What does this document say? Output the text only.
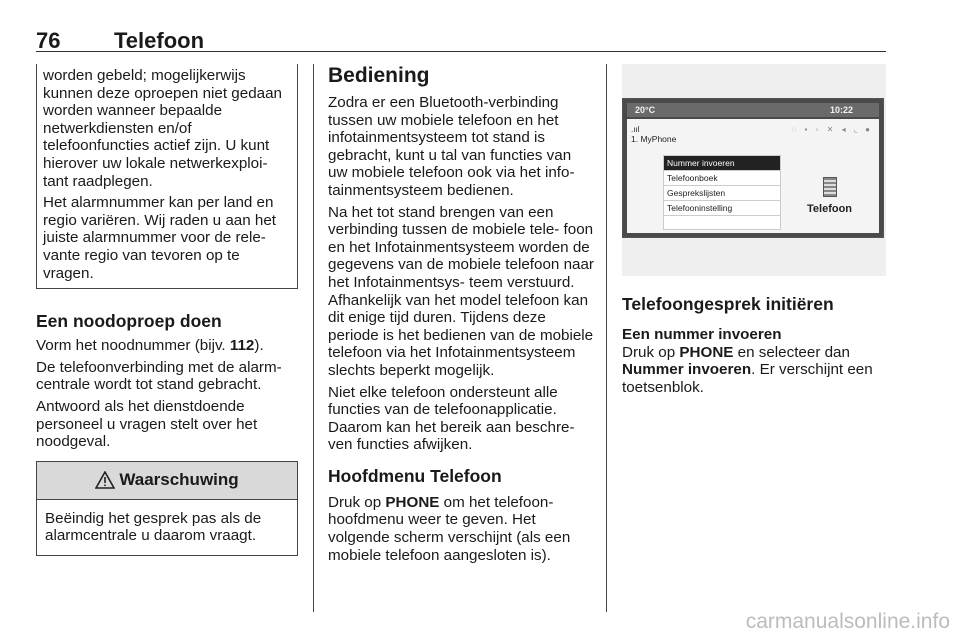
76 Telefoon

worden gebeld; mogelijkerwijs kunnen deze oproepen niet gedaan worden wanneer bepaalde netwerkdiensten en/of telefoonfuncties actief zijn. U kunt hierover uw lokale netwerkexploi- tant raadplegen.

Het alarmnummer kan per land en regio variëren. Wij raden u aan het juiste alarmnummer voor de rele- vante regio van tevoren op te vragen.

Een noodoproep doen

Vorm het noodnummer (bijv. 112).

De telefoonverbinding met de alarm- centrale wordt tot stand gebracht.

Antwoord als het dienstdoende personeel u vragen stelt over het noodgeval.

Waarschuwing
Beëindig het gesprek pas als de alarmcentrale u daarom vraagt.
Bediening

Zodra er een Bluetooth-verbinding tussen uw mobiele telefoon en het infotainmentsysteem tot stand is gebracht, kunt u tal van functies van uw mobiele telefoon ook via het info- tainmentsysteem bedienen.

Na het tot stand brengen van een verbinding tussen de mobiele tele- foon en het Infotainmentsysteem worden de gegevens van de mobiele telefoon naar het Infotainmentsys- teem verstuurd. Afhankelijk van het model telefoon kan dit enige tijd duren. Tijdens deze periode is het bedienen van de mobiele telefoon via het Infotainmentsysteem slechts beperkt mogelijk.

Niet elke telefoon ondersteunt alle functies van de telefoonapplicatie. Daarom kan het bereik aan beschre- ven functies afwijken.

Hoofdmenu Telefoon

Druk op PHONE om het telefoon- hoofdmenu weer te geven. Het volgende scherm verschijnt (als een mobiele telefoon aangesloten is).

20°C	10:22
.ııl	◌ ▪ ◦ ✕ ◂ ◟ ●
1. MyPhone
Nummer invoeren
Telefoonboek
Gesprekslijsten
Telefooninstelling	Telefoon
Telefoongesprek initiëren
Een nummer invoeren

Druk op PHONE en selecteer dan Nummer invoeren. Er verschijnt een toetsenblok.

carmanualsonline.info
